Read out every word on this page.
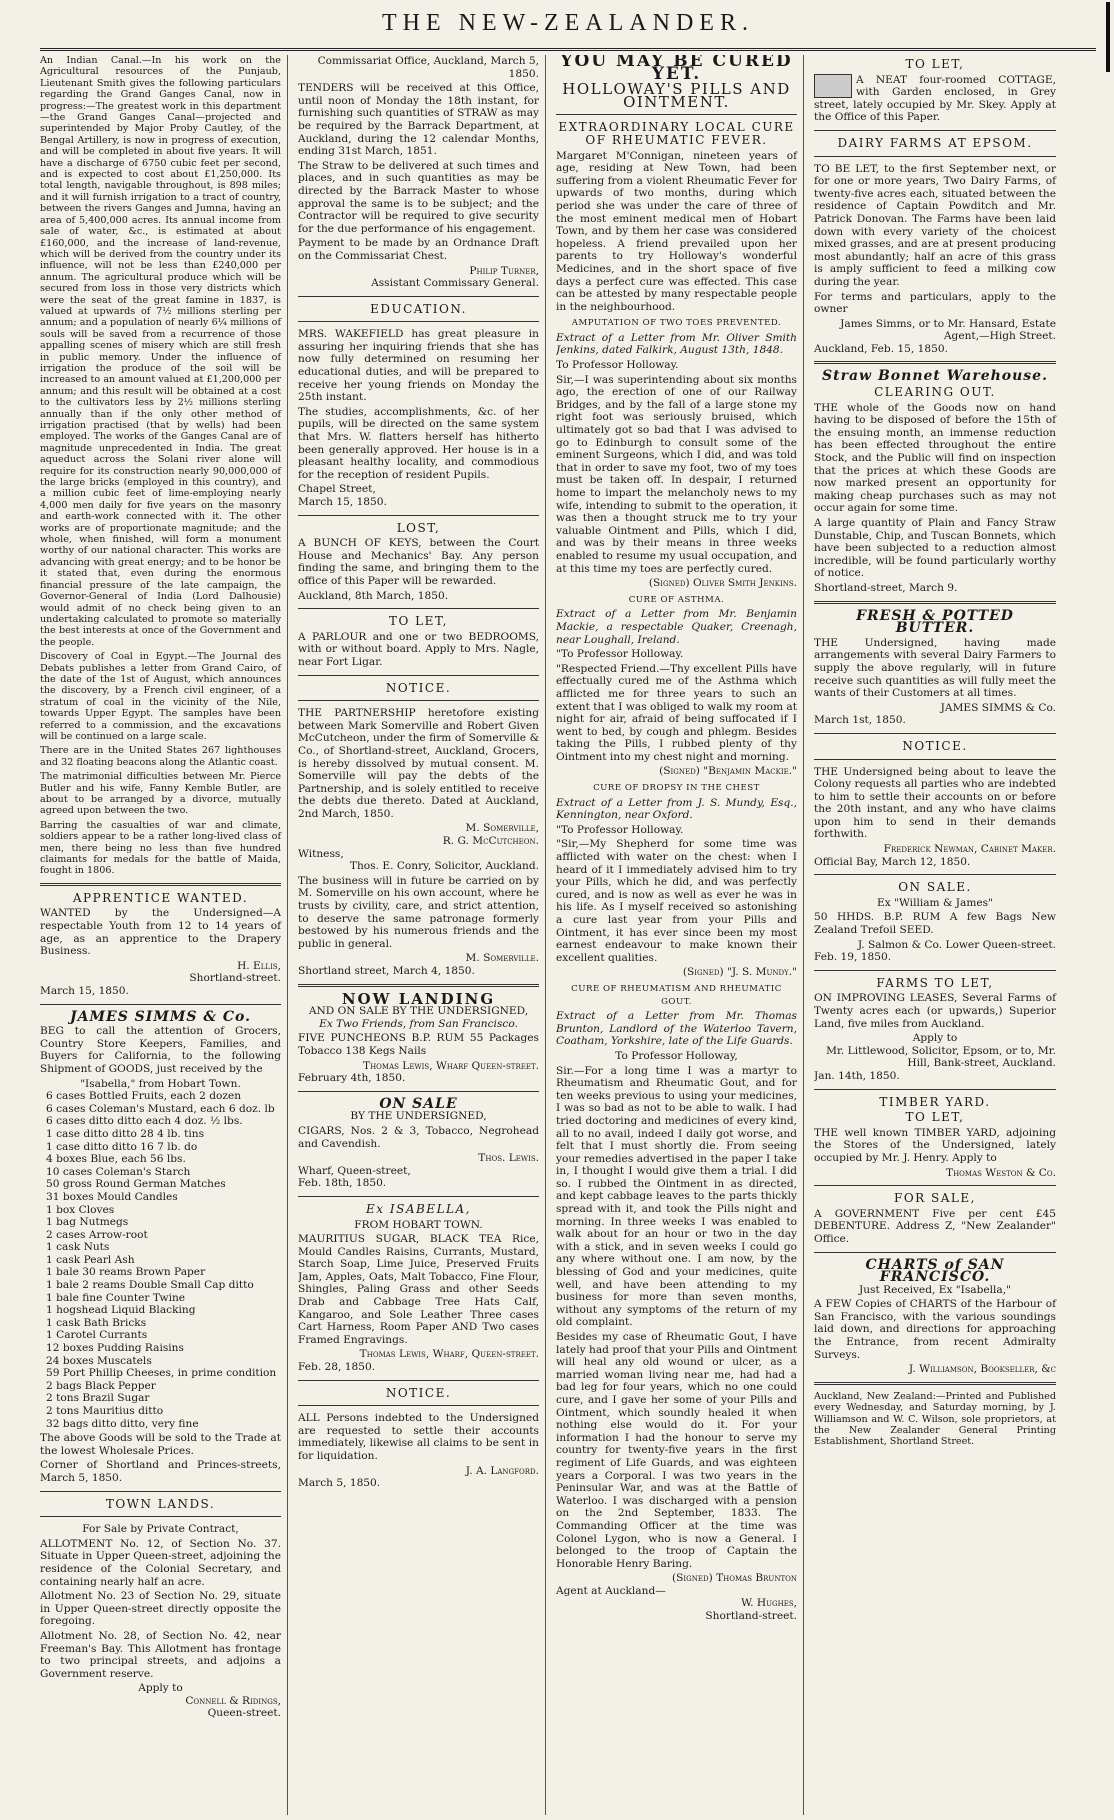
THE NEW-ZEALANDER.
An Indian Canal.—In his work on the Agricultural resources of the Punjaub, Lieutenant Smith gives the following particulars regarding the Grand Ganges Canal, now in progress:—The greatest work in this department—the Grand Ganges Canal—projected and superintended by Major Proby Cautley, of the Bengal Artillery, is now in progress of execution, and will be completed in about five years. It will have a discharge of 6750 cubic feet per second, and is expected to cost about £1,250,000. Its total length, navigable throughout, is 898 miles; and it will furnish irrigation to a tract of country, between the rivers Ganges and Jumna, having an area of 5,400,000 acres. Its annual income from sale of water, &c., is estimated at about £160,000, and the increase of land-revenue, which will be derived from the country under its influence, will not be less than £240,000 per annum. The agricultural produce which will be secured from loss in those very districts which were the seat of the great famine in 1837, is valued at upwards of 7½ millions sterling per annum; and a population of nearly 6¼ millions of souls will be saved from a recurrence of those appalling scenes of misery which are still fresh in public memory. Under the influence of irrigation the produce of the soil will be increased to an amount valued at £1,200,000 per annum; and this result will be obtained at a cost to the cultivators less by 2½ millions sterling annually than if the only other method of irrigation practised (that by wells) had been employed. The works of the Ganges Canal are of magnitude unprecedented in India. The great aqueduct across the Solani river alone will require for its construction nearly 90,000,000 of the large bricks (employed in this country), and a million cubic feet of lime-employing nearly 4,000 men daily for five years on the masonry and earth-work connected with it. The other works are of proportionate magnitude; and the whole, when finished, will form a monument worthy of our national character. This works are advancing with great energy; and to be honor be it stated that, even during the enormous financial pressure of the late campaign, the Governor-General of India (Lord Dalhousie) would admit of no check being given to an undertaking calculated to promote so materially the best interests at once of the Government and the people.
Discovery of Coal in Egypt.—The Journal des Debats publishes a letter from Grand Cairo, of the date of the 1st of August, which announces the discovery, by a French civil engineer, of a stratum of coal in the vicinity of the Nile, towards Upper Egypt. The samples have been referred to a commission, and the excavations will be continued on a large scale.
There are in the United States 267 lighthouses and 32 floating beacons along the Atlantic coast.
The matrimonial difficulties between Mr. Pierce Butler and his wife, Fanny Kemble Butler, are about to be arranged by a divorce, mutually agreed upon between the two.
Barring the casualties of war and climate, soldiers appear to be a rather long-lived class of men, there being no less than five hundred claimants for medals for the battle of Maida, fought in 1806.
APPRENTICE WANTED.
WANTED by the Undersigned—A respectable Youth from 12 to 14 years of age, as an apprentice to the Drapery Business.
H. Ellis,
Shortland-street.
March 15, 1850.
JAMES SIMMS & Co.
BEG to call the attention of Grocers, Country Store Keepers, Families, and Buyers for California, to the following Shipment of GOODS, just received by the
"Isabella," from Hobart Town.
6 cases Bottled Fruits, each 2 dozen
6 cases Coleman's Mustard, each 6 doz. lb
6 cases ditto ditto each 4 doz. ½ lbs.
1 case ditto ditto 28 4 lb. tins
1 case ditto ditto 16 7 lb. do
4 boxes Blue, each 56 lbs.
10 cases Coleman's Starch
50 gross Round German Matches
31 boxes Mould Candles
1 box Cloves
1 bag Nutmegs
2 cases Arrow-root
1 cask Nuts
1 cask Pearl Ash
1 bale 30 reams Brown Paper
1 bale 2 reams Double Small Cap ditto
1 bale fine Counter Twine
1 hogshead Liquid Blacking
1 cask Bath Bricks
1 Carotel Currants
12 boxes Pudding Raisins
24 boxes Muscatels
59 Port Phillip Cheeses, in prime condition
2 bags Black Pepper
2 tons Brazil Sugar
2 tons Mauritius ditto
32 bags ditto ditto, very fine
The above Goods will be sold to the Trade at the lowest Wholesale Prices.
Corner of Shortland and Princes-streets, March 5, 1850.
TOWN LANDS.
For Sale by Private Contract,
ALLOTMENT No. 12, of Section No. 37. Situate in Upper Queen-street, adjoining the residence of the Colonial Secretary, and containing nearly half an acre.
Allotment No. 23 of Section No. 29, situate in Upper Queen-street directly opposite the foregoing.
Allotment No. 28, of Section No. 42, near Freeman's Bay. This Allotment has frontage to two principal streets, and adjoins a Government reserve.
Apply to
Connell & Ridings,
Queen-street.
Commissariat Office, Auckland, March 5, 1850.
TENDERS will be received at this Office, until noon of Monday the 18th instant, for furnishing such quantities of STRAW as may be required by the Barrack Department, at Auckland, during the 12 calendar Months, ending 31st March, 1851.
The Straw to be delivered at such times and places, and in such quantities as may be directed by the Barrack Master to whose approval the same is to be subject; and the Contractor will be required to give security for the due performance of his engagement.
Payment to be made by an Ordnance Draft on the Commissariat Chest.
Philip Turner,
Assistant Commissary General.
EDUCATION.
MRS. WAKEFIELD has great pleasure in assuring her inquiring friends that she has now fully determined on resuming her educational duties, and will be prepared to receive her young friends on Monday the 25th instant.
The studies, accomplishments, &c. of her pupils, will be directed on the same system that Mrs. W. flatters herself has hitherto been generally approved. Her house is in a pleasant healthy locality, and commodious for the reception of resident Pupils.
Chapel Street,
March 15, 1850.
LOST,
A BUNCH OF KEYS, between the Court House and Mechanics' Bay. Any person finding the same, and bringing them to the office of this Paper will be rewarded.
Auckland, 8th March, 1850.
TO LET,
A PARLOUR and one or two BEDROOMS, with or without board. Apply to Mrs. Nagle, near Fort Ligar.
NOTICE.
THE PARTNERSHIP heretofore existing between Mark Somerville and Robert Given McCutcheon, under the firm of Somerville & Co., of Shortland-street, Auckland, Grocers, is hereby dissolved by mutual consent. M. Somerville will pay the debts of the Partnership, and is solely entitled to receive the debts due thereto. Dated at Auckland, 2nd March, 1850.
M. Somerville,
R. G. McCutcheon.
Witness,
Thos. E. Conry, Solicitor, Auckland.
The business will in future be carried on by M. Somerville on his own account, where he trusts by civility, care, and strict attention, to deserve the same patronage formerly bestowed by his numerous friends and the public in general.
M. Somerville.
Shortland street, March 4, 1850.
NOW LANDING
AND ON SALE BY THE UNDERSIGNED,
Ex Two Friends, from San Francisco.
FIVE PUNCHEONS B.P. RUM 55 Packages Tobacco 138 Kegs Nails
Thomas Lewis, Wharf Queen-street.
February 4th, 1850.
ON SALE
BY THE UNDERSIGNED,
CIGARS, Nos. 2 & 3, Tobacco, Negrohead and Cavendish.
Thos. Lewis.
Wharf, Queen-street,
Feb. 18th, 1850.
Ex ISABELLA,
FROM HOBART TOWN.
MAURITIUS SUGAR, BLACK TEA Rice, Mould Candles Raisins, Currants, Mustard, Starch Soap, Lime Juice, Preserved Fruits Jam, Apples, Oats, Malt Tobacco, Fine Flour, Shingles, Paling Grass and other Seeds Drab and Cabbage Tree Hats Calf, Kangaroo, and Sole Leather Three cases Cart Harness, Room Paper AND Two cases Framed Engravings.
Thomas Lewis, Wharf, Queen-street.
Feb. 28, 1850.
NOTICE.
ALL Persons indebted to the Undersigned are requested to settle their accounts immediately, likewise all claims to be sent in for liquidation.
J. A. Langford.
March 5, 1850.
YOU MAY BE CURED YET.
HOLLOWAY'S PILLS AND OINTMENT.
EXTRAORDINARY LOCAL CURE OF RHEUMATIC FEVER.
Margaret M'Connigan, nineteen years of age, residing at New Town, had been suffering from a violent Rheumatic Fever for upwards of two months, during which period she was under the care of three of the most eminent medical men of Hobart Town, and by them her case was considered hopeless. A friend prevailed upon her parents to try Holloway's wonderful Medicines, and in the short space of five days a perfect cure was effected. This case can be attested by many respectable people in the neighbourhood.
AMPUTATION OF TWO TOES PREVENTED.
Extract of a Letter from Mr. Oliver Smith Jenkins, dated Falkirk, August 13th, 1848.
To Professor Holloway.
Sir,—I was superintending about six months ago, the erection of one of our Railway Bridges, and by the fall of a large stone my right foot was seriously bruised, which ultimately got so bad that I was advised to go to Edinburgh to consult some of the eminent Surgeons, which I did, and was told that in order to save my foot, two of my toes must be taken off. In despair, I returned home to impart the melancholy news to my wife, intending to submit to the operation, it was then a thought struck me to try your valuable Ointment and Pills, which I did, and was by their means in three weeks enabled to resume my usual occupation, and at this time my toes are perfectly cured.
(Signed) Oliver Smith Jenkins.
CURE OF ASTHMA.
Extract of a Letter from Mr. Benjamin Mackie, a respectable Quaker, Creenagh, near Loughall, Ireland.
"To Professor Holloway.
"Respected Friend.—Thy excellent Pills have effectually cured me of the Asthma which afflicted me for three years to such an extent that I was obliged to walk my room at night for air, afraid of being suffocated if I went to bed, by cough and phlegm. Besides taking the Pills, I rubbed plenty of thy Ointment into my chest night and morning.
(Signed) "Benjamin Mackie."
CURE OF DROPSY IN THE CHEST
Extract of a Letter from J. S. Mundy, Esq., Kennington, near Oxford.
"To Professor Holloway.
"Sir,—My Shepherd for some time was afflicted with water on the chest: when I heard of it I immediately advised him to try your Pills, which he did, and was perfectly cured, and is now as well as ever he was in his life. As I myself received so astonishing a cure last year from your Pills and Ointment, it has ever since been my most earnest endeavour to make known their excellent qualities.
(Signed) "J. S. Mundy."
CURE OF RHEUMATISM AND RHEUMATIC GOUT.
Extract of a Letter from Mr. Thomas Brunton, Landlord of the Waterloo Tavern, Coatham, Yorkshire, late of the Life Guards.
To Professor Holloway,
Sir.—For a long time I was a martyr to Rheumatism and Rheumatic Gout, and for ten weeks previous to using your medicines, I was so bad as not to be able to walk. I had tried doctoring and medicines of every kind, all to no avail, indeed I daily got worse, and felt that I must shortly die. From seeing your remedies advertised in the paper I take in, I thought I would give them a trial. I did so. I rubbed the Ointment in as directed, and kept cabbage leaves to the parts thickly spread with it, and took the Pills night and morning. In three weeks I was enabled to walk about for an hour or two in the day with a stick, and in seven weeks I could go any where without one. I am now, by the blessing of God and your medicines, quite well, and have been attending to my business for more than seven months, without any symptoms of the return of my old complaint.
Besides my case of Rheumatic Gout, I have lately had proof that your Pills and Ointment will heal any old wound or ulcer, as a married woman living near me, had had a bad leg for four years, which no one could cure, and I gave her some of your Pills and Ointment, which soundly healed it when nothing else would do it. For your information I had the honour to serve my country for twenty-five years in the first regiment of Life Guards, and was eighteen years a Corporal. I was two years in the Peninsular War, and was at the Battle of Waterloo. I was discharged with a pension on the 2nd September, 1833. The Commanding Officer at the time was Colonel Lygon, who is now a General. I belonged to the troop of Captain the Honorable Henry Baring.
(Signed) Thomas Brunton
Agent at Auckland—
W. Hughes,
Shortland-street.
TO LET,
A NEAT four-roomed COTTAGE, with Garden enclosed, in Grey street, lately occupied by Mr. Skey. Apply at the Office of this Paper.
DAIRY FARMS AT EPSOM.
TO BE LET, to the first September next, or for one or more years, Two Dairy Farms, of twenty-five acres each, situated between the residence of Captain Powditch and Mr. Patrick Donovan. The Farms have been laid down with every variety of the choicest mixed grasses, and are at present producing most abundantly; half an acre of this grass is amply sufficient to feed a milking cow during the year.
For terms and particulars, apply to the owner
James Simms, or to Mr. Hansard, Estate Agent,—High Street.
Auckland, Feb. 15, 1850.
Straw Bonnet Warehouse.
CLEARING OUT.
THE whole of the Goods now on hand having to be disposed of before the 15th of the ensuing month, an immense reduction has been effected throughout the entire Stock, and the Public will find on inspection that the prices at which these Goods are now marked present an opportunity for making cheap purchases such as may not occur again for some time.
A large quantity of Plain and Fancy Straw Dunstable, Chip, and Tuscan Bonnets, which have been subjected to a reduction almost incredible, will be found particularly worthy of notice.
Shortland-street, March 9.
FRESH & POTTED BUTTER.
THE Undersigned, having made arrangements with several Dairy Farmers to supply the above regularly, will in future receive such quantities as will fully meet the wants of their Customers at all times.
JAMES SIMMS & Co.
March 1st, 1850.
NOTICE.
THE Undersigned being about to leave the Colony requests all parties who are indebted to him to settle their accounts on or before the 20th instant, and any who have claims upon him to send in their demands forthwith.
Frederick Newman, Cabinet Maker.
Official Bay, March 12, 1850.
ON SALE.
Ex "William & James"
50 HHDS. B.P. RUM A few Bags New Zealand Trefoil SEED.
J. Salmon & Co. Lower Queen-street.
Feb. 19, 1850.
FARMS TO LET,
ON IMPROVING LEASES, Several Farms of Twenty acres each (or upwards,) Superior Land, five miles from Auckland.
Apply to
Mr. Littlewood, Solicitor, Epsom, or to, Mr. Hill, Bank-street, Auckland.
Jan. 14th, 1850.
TIMBER YARD.
TO LET,
THE well known TIMBER YARD, adjoining the Stores of the Undersigned, lately occupied by Mr. J. Henry. Apply to
Thomas Weston & Co.
FOR SALE,
A GOVERNMENT Five per cent £45 DEBENTURE. Address Z, "New Zealander" Office.
CHARTS of SAN FRANCISCO.
Just Received, Ex "Isabella,"
A FEW Copies of CHARTS of the Harbour of San Francisco, with the various soundings laid down, and directions for approaching the Entrance, from recent Admiralty Surveys.
J. Williamson, Bookseller, &c
Auckland, New Zealand:—Printed and Published every Wednesday, and Saturday morning, by J. Williamson and W. C. Wilson, sole proprietors, at the New Zealander General Printing Establishment, Shortland Street.
